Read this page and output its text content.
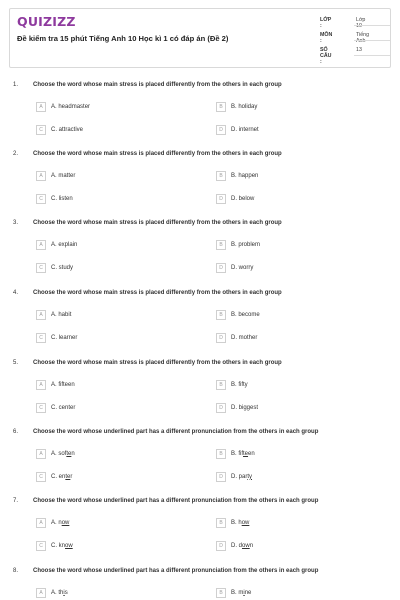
QUIZIZZ
Đề kiểm tra 15 phút Tiếng Anh 10 Học kì 1 có đáp án (Đề 2)
LỚP :
Lớp 10
MÔN :
Tiếng Anh
SỐ CÂU :
13
1. Choose the word whose main stress is placed differently from the others in each group
A	A. headmaster	B	B. holiday
C	C. attractive	D	D. internet
2. Choose the word whose main stress is placed differently from the others in each group
A	A. matter	B	B. happen
C	C. listen	D	D. below
3. Choose the word whose main stress is placed differently from the others in each group
A	A. explain	B	B. problem
C	C. study	D	D. worry
4. Choose the word whose main stress is placed differently from the others in each group
A	A. habit	B	B. become
C	C. learner	D	D. mother
5. Choose the word whose main stress is placed differently from the others in each group
A	A. fifteen	B	B. fifty
C	C. center	D	D. biggest
6. Choose the word whose underlined part has a different pronunciation from the others in each group
A	A. soften	B	B. fifteen
C	C. enter	D	D. party
7. Choose the word whose underlined part has a different pronunciation from the others in each group
A	A. now	B	B. how
C	C. know	D	D. down
8. Choose the word whose underlined part has a different pronunciation from the others in each group
A	A. this	B	B. mine
